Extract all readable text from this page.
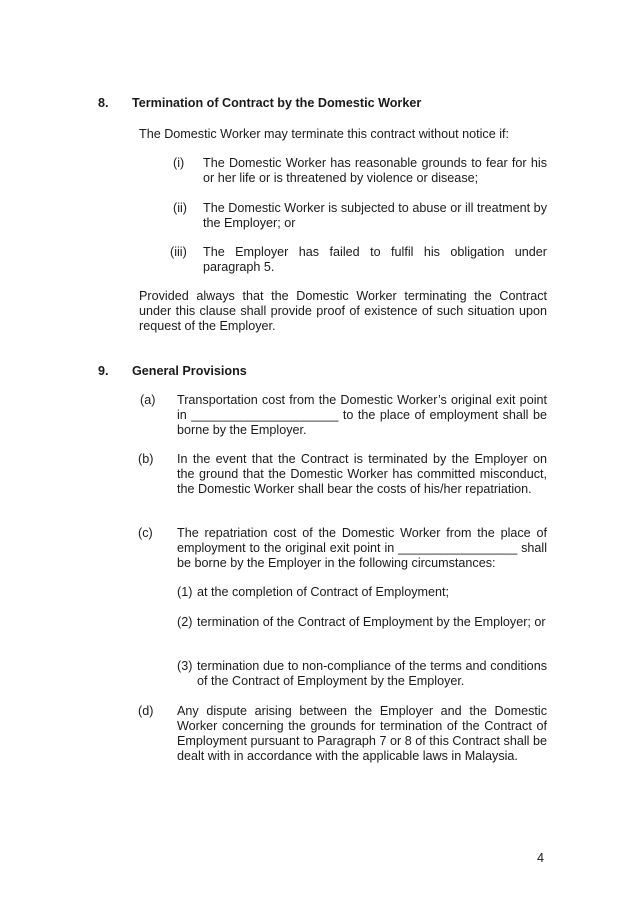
8. Termination of Contract by the Domestic Worker
The Domestic Worker may terminate this contract without notice if:
(i) The Domestic Worker has reasonable grounds to fear for his or her life or is threatened by violence or disease;
(ii) The Domestic Worker is subjected to abuse or ill treatment by the Employer; or
(iii) The Employer has failed to fulfil his obligation under paragraph 5.
Provided always that the Domestic Worker terminating the Contract under this clause shall provide proof of existence of such situation upon request of the Employer.
9. General Provisions
(a) Transportation cost from the Domestic Worker’s original exit point in _____________________ to the place of employment shall be borne by the Employer.
(b) In the event that the Contract is terminated by the Employer on the ground that the Domestic Worker has committed misconduct, the Domestic Worker shall bear the costs of his/her repatriation.
(c) The repatriation cost of the Domestic Worker from the place of employment to the original exit point in _________________ shall be borne by the Employer in the following circumstances:
(1) at the completion of Contract of Employment;
(2) termination of the Contract of Employment by the Employer; or
(3) termination due to non-compliance of the terms and conditions of the Contract of Employment by the Employer.
(d) Any dispute arising between the Employer and the Domestic Worker concerning the grounds for termination of the Contract of Employment pursuant to Paragraph 7 or 8 of this Contract shall be dealt with in accordance with the applicable laws in Malaysia.
4
